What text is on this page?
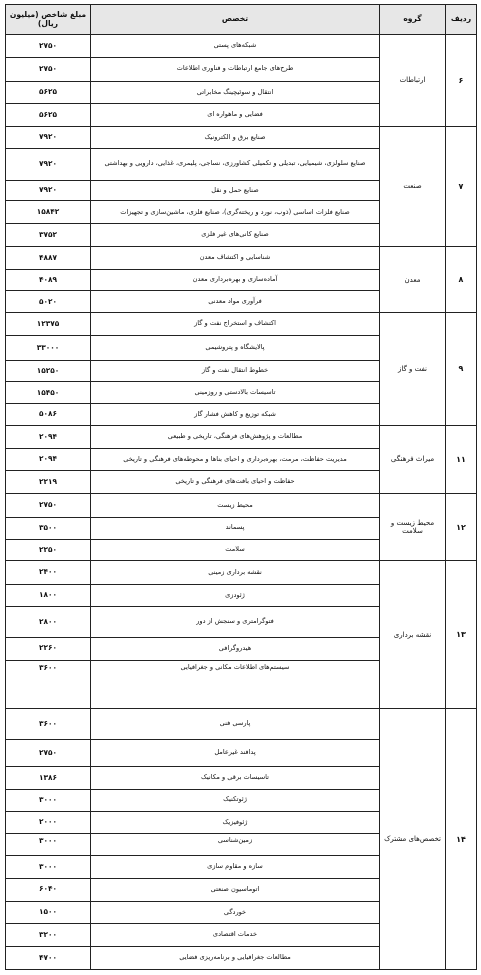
ردیف	گروه	تخصص	مبلغ شاخص (میلیون ریال)
۶	ارتباطات	شبکه‌های پستی	۲۷۵۰
		طرح‌های جامع ارتباطات و فناوری اطلاعات	۲۷۵۰
		انتقال و سوئیچینگ مخابراتی	۵۶۲۵
		فضایی و ماهواره ای	۵۶۲۵
۷	صنعت	صنایع برق و الکترونیک	۷۹۲۰
		صنایع سلولزی، شیمیایی، تبدیلی و تکمیلی کشاورزی، نساجی، پلیمری، غذایی، دارویی و بهداشتی	۷۹۲۰
		صنایع حمل و نقل	۷۹۲۰
		صنایع فلزات اساسی (ذوب، نورد و ریخته‌گری)، صنایع فلزی، ماشین‌سازی و تجهیزات	۱۵۸۴۲
		صنایع کانی‌های غیر فلزی	۳۷۵۲
۸	معدن	شناسایی و اکتشاف معدن	۴۸۸۷
		آماده‌سازی و بهره‌برداری معدن	۴۰۸۹
		فرآوری مواد معدنی	۵۰۲۰
۹	نفت و گاز	اکتشاف و استخراج نفت و گاز	۱۲۳۷۵
		پالایشگاه و پتروشیمی	۳۳۰۰۰
		خطوط انتقال نفت و گاز	۱۵۲۵۰
		تاسیسات بالادستی و روزمینی	۱۵۴۵۰
		شبکه توزیع و کاهش فشار گاز	۵۰۸۶
۱۱	میراث فرهنگی	مطالعات و پژوهش‌های فرهنگی، تاریخی و طبیعی	۲۰۹۴
		مدیریت حفاظت، مرمت، بهره‌برداری و احیای بناها و محوطه‌های فرهنگی و تاریخی	۲۰۹۴
		حفاظت و احیای بافت‌های فرهنگی و تاریخی	۲۲۱۹
۱۲	محیط زیست و سلامت	محیط زیست	۲۷۵۰
		پسماند	۳۵۰۰
		سلامت	۲۲۵۰
۱۳	نقشه برداری	نقشه برداری زمینی	۲۴۰۰
		ژئودزی	۱۸۰۰
		فتوگرامتری و سنجش از دور	۲۸۰۰
		هیدروگرافی	۲۲۶۰
		سیستم‌های اطلاعات مکانی و جغرافیایی	۳۶۰۰
۱۴	تخصص‌های مشترک	پارسی فنی	۳۶۰۰
		پدافند غیرعامل	۲۷۵۰
		تاسیسات برقی و مکانیک	۱۳۸۶
		ژئوتکنیک	۳۰۰۰
		ژئوفیزیک	۲۰۰۰
		زمین‌شناسی	۳۰۰۰
		سازه و مقاوم سازی	۳۰۰۰
		اتوماسیون صنعتی	۶۰۴۰
		خوردگی	۱۵۰۰
		خدمات اقتصادی	۳۲۰۰
		مطالعات جغرافیایی و برنامه‌ریزی فضایی	۴۷۰۰
